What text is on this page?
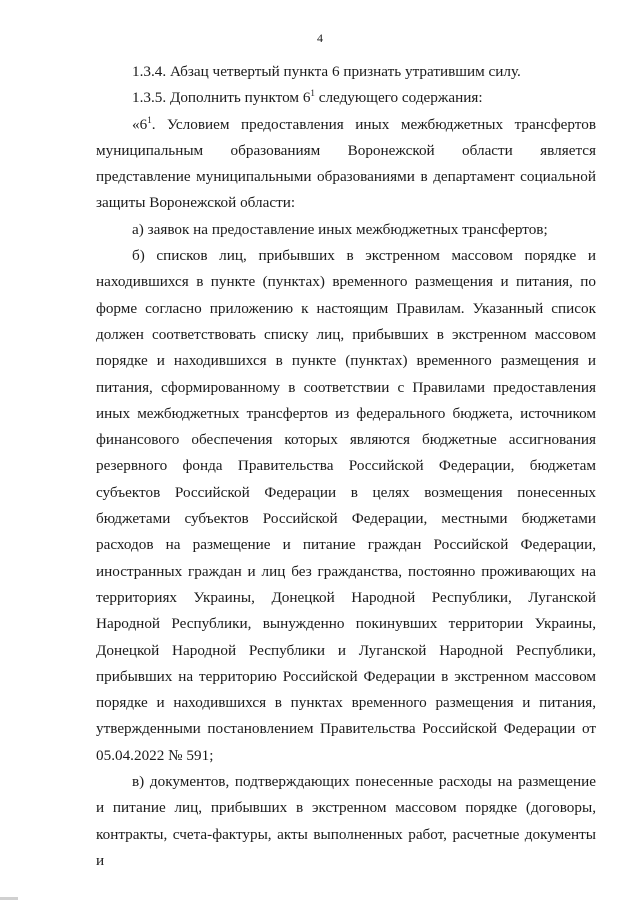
4

1.3.4. Абзац четвертый пункта 6 признать утратившим силу.

1.3.5. Дополнить пунктом $6^1$ следующего содержания:

«$6^1$. Условием предоставления иных межбюджетных трансфертов муниципальным образованиям Воронежской области является представление муниципальными образованиями в департамент социальной защиты Воронежской области:

а) заявок на предоставление иных межбюджетных трансфертов;

б) списков лиц, прибывших в экстренном массовом порядке и находившихся в пункте (пунктах) временного размещения и питания, по форме согласно приложению к настоящим Правилам. Указанный список должен соответствовать списку лиц, прибывших в экстренном массовом порядке и находившихся в пункте (пунктах) временного размещения и питания, сформированному в соответствии с Правилами предоставления иных межбюджетных трансфертов из федерального бюджета, источником финансового обеспечения которых являются бюджетные ассигнования резервного фонда Правительства Российской Федерации, бюджетам субъектов Российской Федерации в целях возмещения понесенных бюджетами субъектов Российской Федерации, местными бюджетами расходов на размещение и питание граждан Российской Федерации, иностранных граждан и лиц без гражданства, постоянно проживающих на территориях Украины, Донецкой Народной Республики, Луганской Народной Республики, вынужденно покинувших территории Украины, Донецкой Народной Республики и Луганской Народной Республики, прибывших на территорию Российской Федерации в экстренном массовом порядке и находившихся в пунктах временного размещения и питания, утвержденными постановлением Правительства Российской Федерации от 05.04.2022 № 591;

в) документов, подтверждающих понесенные расходы на размещение и питание лиц, прибывших в экстренном массовом порядке (договоры, контракты, счета-фактуры, акты выполненных работ, расчетные документы и
